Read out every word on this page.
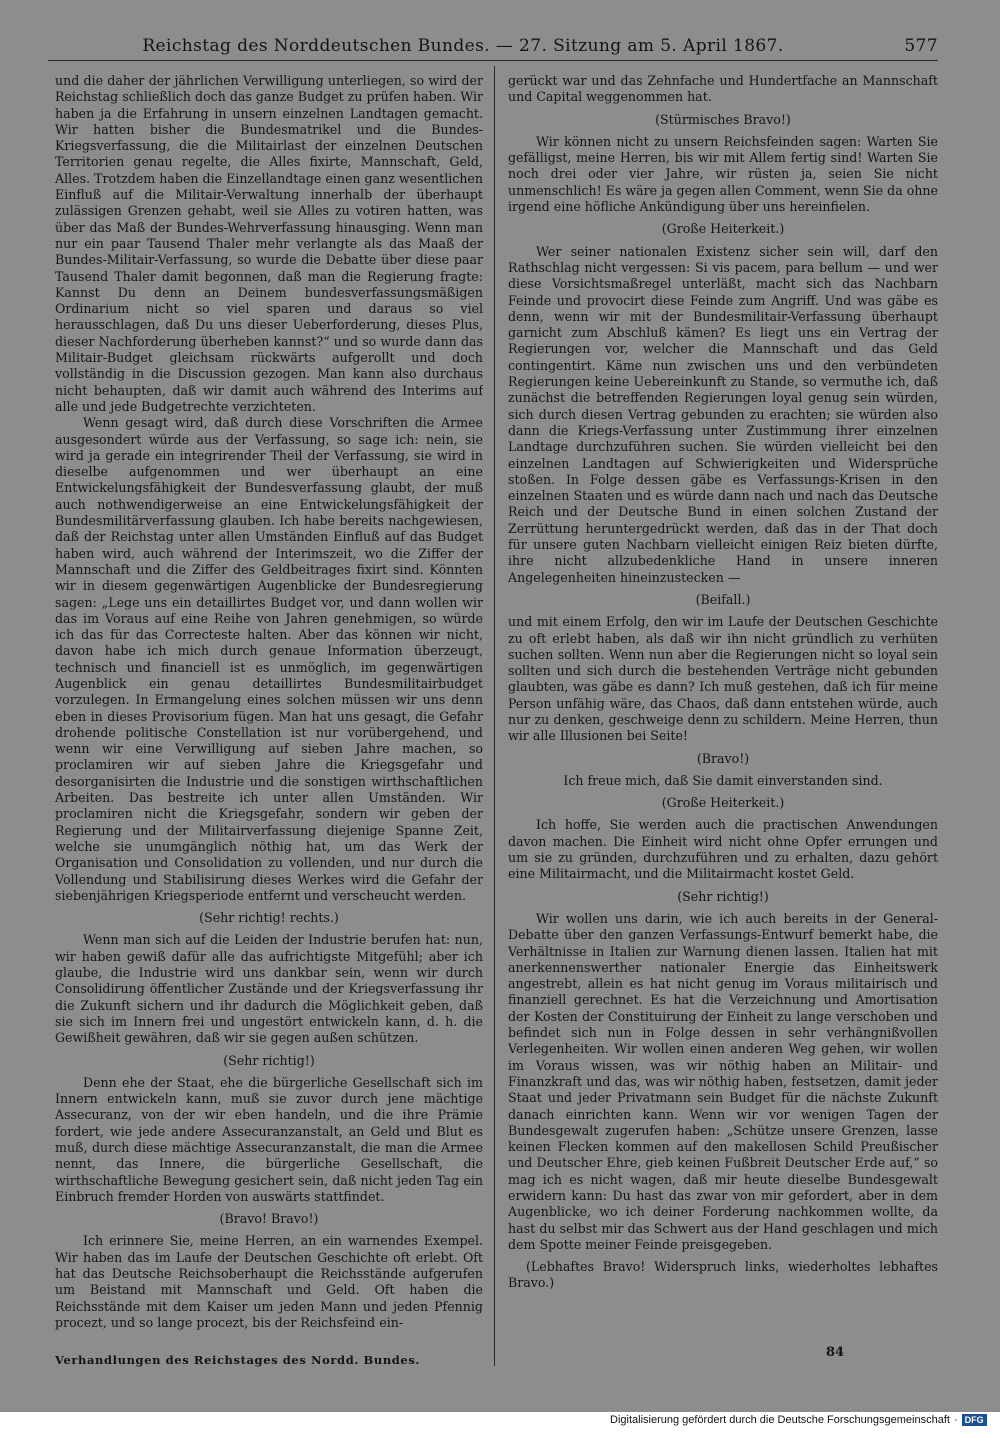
Reichstag des Norddeutschen Bundes. — 27. Sitzung am 5. April 1867.	577

und die daher der jährlichen Verwilligung unterliegen, so wird der Reichstag schließlich doch das ganze Budget zu prüfen haben. Wir haben ja die Erfahrung in unsern einzelnen Landtagen gemacht. Wir hatten bisher die Bundesmatrikel und die Bundes-Kriegsverfassung, die die Militairlast der einzelnen Deutschen Territorien genau regelte, die Alles fixirte, Mannschaft, Geld, Alles. Trotzdem haben die Einzellandtage einen ganz wesentlichen Einfluß auf die Militair-Verwaltung innerhalb der überhaupt zulässigen Grenzen gehabt, weil sie Alles zu votiren hatten, was über das Maß der Bundes-Wehrverfassung hinausging. Wenn man nur ein paar Tausend Thaler mehr verlangte als das Maaß der Bundes-Militair-Verfassung, so wurde die Debatte über diese paar Tausend Thaler damit begonnen, daß man die Regierung fragte: Kannst Du denn an Deinem bundesverfassungsmäßigen Ordinarium nicht so viel sparen und daraus so viel herausschlagen, daß Du uns dieser Ueberforderung, dieses Plus, dieser Nachforderung überheben kannst?“ und so wurde dann das Militair-Budget gleichsam rückwärts aufgerollt und doch vollständig in die Discussion gezogen. Man kann also durchaus nicht behaupten, daß wir damit auch während des Interims auf alle und jede Budgetrechte verzichteten.

Wenn gesagt wird, daß durch diese Vorschriften die Armee ausgesondert würde aus der Verfassung, so sage ich: nein, sie wird ja gerade ein integrirender Theil der Verfassung, sie wird in dieselbe aufgenommen und wer überhaupt an eine Entwickelungsfähigkeit der Bundesverfassung glaubt, der muß auch nothwendigerweise an eine Entwickelungsfähigkeit der Bundesmilitärverfassung glauben. Ich habe bereits nachgewiesen, daß der Reichstag unter allen Umständen Einfluß auf das Budget haben wird, auch während der Interimszeit, wo die Ziffer der Mannschaft und die Ziffer des Geldbeitrages fixirt sind. Könnten wir in diesem gegenwärtigen Augenblicke der Bundesregierung sagen: „Lege uns ein detaillirtes Budget vor, und dann wollen wir das im Voraus auf eine Reihe von Jahren genehmigen, so würde ich das für das Correcteste halten. Aber das können wir nicht, davon habe ich mich durch genaue Information überzeugt, technisch und financiell ist es unmöglich, im gegenwärtigen Augenblick ein genau detaillirtes Bundesmilitairbudget vorzulegen. In Ermangelung eines solchen müssen wir uns denn eben in dieses Provisorium fügen. Man hat uns gesagt, die Gefahr drohende politische Constellation ist nur vorübergehend, und wenn wir eine Verwilligung auf sieben Jahre machen, so proclamiren wir auf sieben Jahre die Kriegsgefahr und desorganisirten die Industrie und die sonstigen wirthschaftlichen Arbeiten. Das bestreite ich unter allen Umständen. Wir proclamiren nicht die Kriegsgefahr, sondern wir geben der Regierung und der Militairverfassung diejenige Spanne Zeit, welche sie unumgänglich nöthig hat, um das Werk der Organisation und Consolidation zu vollenden, und nur durch die Vollendung und Stabilisirung dieses Werkes wird die Gefahr der siebenjährigen Kriegsperiode entfernt und verscheucht werden.

(Sehr richtig! rechts.)

Wenn man sich auf die Leiden der Industrie berufen hat: nun, wir haben gewiß dafür alle das aufrichtigste Mitgefühl; aber ich glaube, die Industrie wird uns dankbar sein, wenn wir durch Consolidirung öffentlicher Zustände und der Kriegsverfassung ihr die Zukunft sichern und ihr dadurch die Möglichkeit geben, daß sie sich im Innern frei und ungestört entwickeln kann, d. h. die Gewißheit gewähren, daß wir sie gegen außen schützen.

(Sehr richtig!)

Denn ehe der Staat, ehe die bürgerliche Gesellschaft sich im Innern entwickeln kann, muß sie zuvor durch jene mächtige Assecuranz, von der wir eben handeln, und die ihre Prämie fordert, wie jede andere Assecuranzanstalt, an Geld und Blut es muß, durch diese mächtige Assecuranzanstalt, die man die Armee nennt, das Innere, die bürgerliche Gesellschaft, die wirthschaftliche Bewegung gesichert sein, daß nicht jeden Tag ein Einbruch fremder Horden von auswärts stattfindet.

(Bravo! Bravo!)

Ich erinnere Sie, meine Herren, an ein warnendes Exempel. Wir haben das im Laufe der Deutschen Geschichte oft erlebt. Oft hat das Deutsche Reichsoberhaupt die Reichsstände aufgerufen um Beistand mit Mannschaft und Geld. Oft haben die Reichsstände mit dem Kaiser um jeden Mann und jeden Pfennig procezt, und so lange procezt, bis der Reichsfeind ein-

gerückt war und das Zehnfache und Hundertfache an Mannschaft und Capital weggenommen hat.

(Stürmisches Bravo!)

Wir können nicht zu unsern Reichsfeinden sagen: Warten Sie gefälligst, meine Herren, bis wir mit Allem fertig sind! Warten Sie noch drei oder vier Jahre, wir rüsten ja, seien Sie nicht unmenschlich! Es wäre ja gegen allen Comment, wenn Sie da ohne irgend eine höfliche Ankündigung über uns hereinfielen.

(Große Heiterkeit.)

Wer seiner nationalen Existenz sicher sein will, darf den Rathschlag nicht vergessen: Si vis pacem, para bellum — und wer diese Vorsichtsmaßregel unterläßt, macht sich das Nachbarn Feinde und provocirt diese Feinde zum Angriff. Und was gäbe es denn, wenn wir mit der Bundesmilitair-Verfassung überhaupt garnicht zum Abschluß kämen? Es liegt uns ein Vertrag der Regierungen vor, welcher die Mannschaft und das Geld contingentirt. Käme nun zwischen uns und den verbündeten Regierungen keine Uebereinkunft zu Stande, so vermuthe ich, daß zunächst die betreffenden Regierungen loyal genug sein würden, sich durch diesen Vertrag gebunden zu erachten; sie würden also dann die Kriegs-Verfassung unter Zustimmung ihrer einzelnen Landtage durchzuführen suchen. Sie würden vielleicht bei den einzelnen Landtagen auf Schwierigkeiten und Widersprüche stoßen. In Folge dessen gäbe es Verfassungs-Krisen in den einzelnen Staaten und es würde dann nach und nach das Deutsche Reich und der Deutsche Bund in einen solchen Zustand der Zerrüttung heruntergedrückt werden, daß das in der That doch für unsere guten Nachbarn vielleicht einigen Reiz bieten dürfte, ihre nicht allzubedenkliche Hand in unsere inneren Angelegenheiten hineinzustecken —

(Beifall.)

und mit einem Erfolg, den wir im Laufe der Deutschen Geschichte zu oft erlebt haben, als daß wir ihn nicht gründlich zu verhüten suchen sollten. Wenn nun aber die Regierungen nicht so loyal sein sollten und sich durch die bestehenden Verträge nicht gebunden glaubten, was gäbe es dann? Ich muß gestehen, daß ich für meine Person unfähig wäre, das Chaos, daß dann entstehen würde, auch nur zu denken, geschweige denn zu schildern. Meine Herren, thun wir alle Illusionen bei Seite!

(Bravo!)
Ich freue mich, daß Sie damit einverstanden sind.
(Große Heiterkeit.)

Ich hoffe, Sie werden auch die practischen Anwendungen davon machen. Die Einheit wird nicht ohne Opfer errungen und um sie zu gründen, durchzuführen und zu erhalten, dazu gehört eine Militairmacht, und die Militairmacht kostet Geld.

(Sehr richtig!)

Wir wollen uns darin, wie ich auch bereits in der General-Debatte über den ganzen Verfassungs-Entwurf bemerkt habe, die Verhältnisse in Italien zur Warnung dienen lassen. Italien hat mit anerkennenswerther nationaler Energie das Einheitswerk angestrebt, allein es hat nicht genug im Voraus militairisch und finanziell gerechnet. Es hat die Verzeichnung und Amortisation der Kosten der Constituirung der Einheit zu lange verschoben und befindet sich nun in Folge dessen in sehr verhängnißvollen Verlegenheiten. Wir wollen einen anderen Weg gehen, wir wollen im Voraus wissen, was wir nöthig haben an Militair- und Finanzkraft und das, was wir nöthig haben, festsetzen, damit jeder Staat und jeder Privatmann sein Budget für die nächste Zukunft danach einrichten kann. Wenn wir vor wenigen Tagen der Bundesgewalt zugerufen haben: „Schütze unsere Grenzen, lasse keinen Flecken kommen auf den makellosen Schild Preußischer und Deutscher Ehre, gieb keinen Fußbreit Deutscher Erde auf,“ so mag ich es nicht wagen, daß mir heute dieselbe Bundesgewalt erwidern kann: Du hast das zwar von mir gefordert, aber in dem Augenblicke, wo ich deiner Forderung nachkommen wollte, da hast du selbst mir das Schwert aus der Hand geschlagen und mich dem Spotte meiner Feinde preisgegeben.

(Lebhaftes Bravo! Widerspruch links, wiederholtes lebhaftes Bravo.)
Verhandlungen des Reichstages des Nordd. Bundes.	84
Digitalisierung gefördert durch die Deutsche Forschungsgemeinschaft · DFG
